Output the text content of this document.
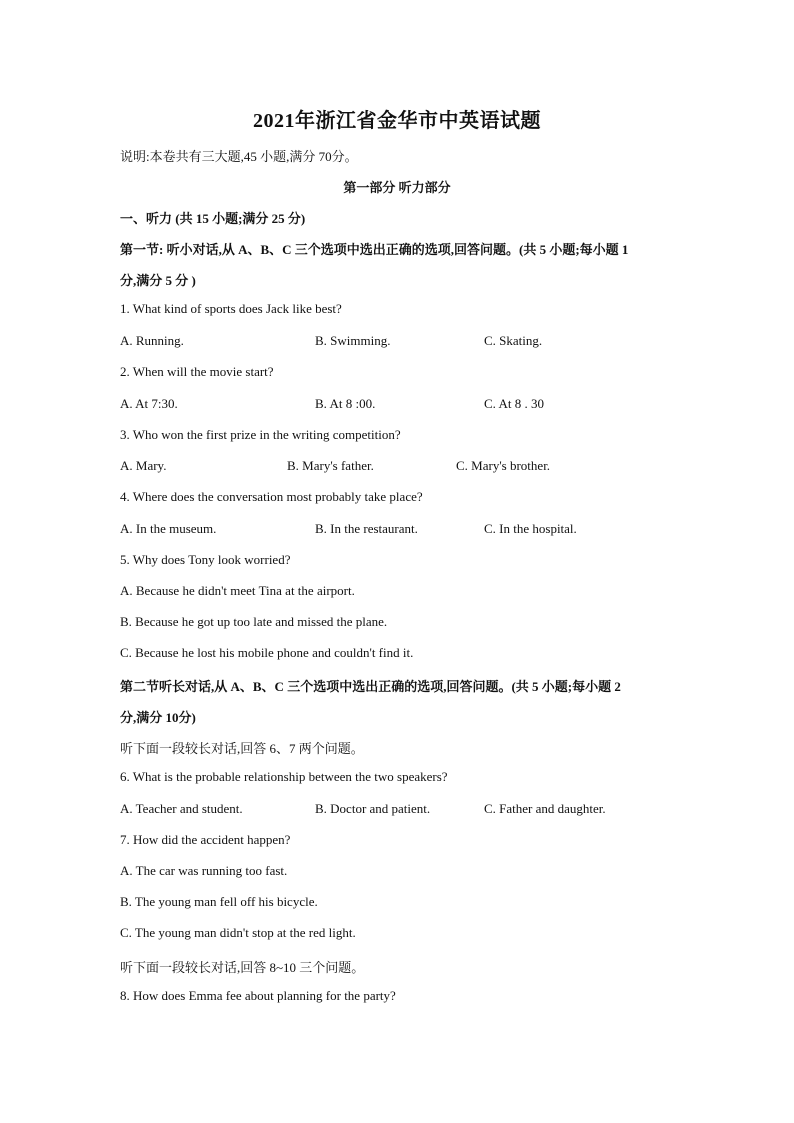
2021年浙江省金华市中英语试题
说明:本卷共有三大题,45 小题,满分 70分。
第一部分 听力部分
一、听力 (共 15 小题;满分 25 分)
第一节: 听小对话,从 A、B、C 三个选项中选出正确的选项,回答问题。(共 5 小题;每小题 1
分,满分 5 分 )
1. What kind of sports does Jack like best?
A. Running.	B. Swimming.	C. Skating.
2. When will the movie start?
A. At 7:30.	B. At 8 :00.	C. At 8 . 30
3. Who won the first prize in the writing competition?
A. Mary.	B. Mary's father.	C. Mary's brother.
4. Where does the conversation most probably take place?
A. In the museum.	B. In the restaurant.	C. In the hospital.
5. Why does Tony look worried?
A. Because he didn't meet Tina at the airport.
B. Because he got up too late and missed the plane.
C. Because he lost his mobile phone and couldn't find it.
第二节听长对话,从 A、B、C 三个选项中选出正确的选项,回答问题。(共 5 小题;每小题 2
分,满分 10分)
听下面一段较长对话,回答 6、7 两个问题。
6. What is the probable relationship between the two speakers?
A. Teacher and student.	B. Doctor and patient.	C. Father and daughter.
7. How did the accident happen?
A. The car was running too fast.
B. The young man fell off his bicycle.
C. The young man didn't stop at the red light.
听下面一段较长对话,回答 8~10 三个问题。
8. How does Emma fee about planning for the party?
